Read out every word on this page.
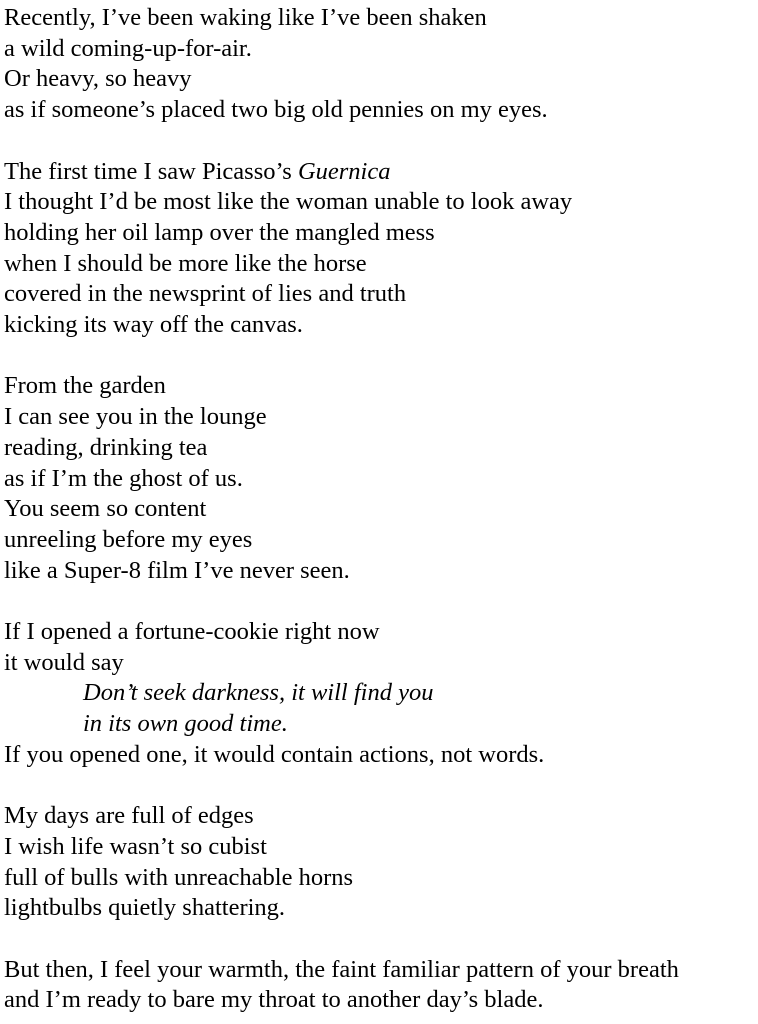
Recently, I’ve been waking like I’ve been shaken
a wild coming-up-for-air.
Or heavy, so heavy
as if someone’s placed two big old pennies on my eyes.
The first time I saw Picasso’s Guernica
I thought I’d be most like the woman unable to look away
holding her oil lamp over the mangled mess
when I should be more like the horse
covered in the newsprint of lies and truth
kicking its way off the canvas.
From the garden
I can see you in the lounge
reading, drinking tea
as if I’m the ghost of us.
You seem so content
unreeling before my eyes
like a Super-8 film I’ve never seen.
If I opened a fortune-cookie right now
it would say
Don’t seek darkness, it will find you
in its own good time.
If you opened one, it would contain actions, not words.
My days are full of edges
I wish life wasn’t so cubist
full of bulls with unreachable horns
lightbulbs quietly shattering.
But then, I feel your warmth, the faint familiar pattern of your breath
and I’m ready to bare my throat to another day’s blade.
